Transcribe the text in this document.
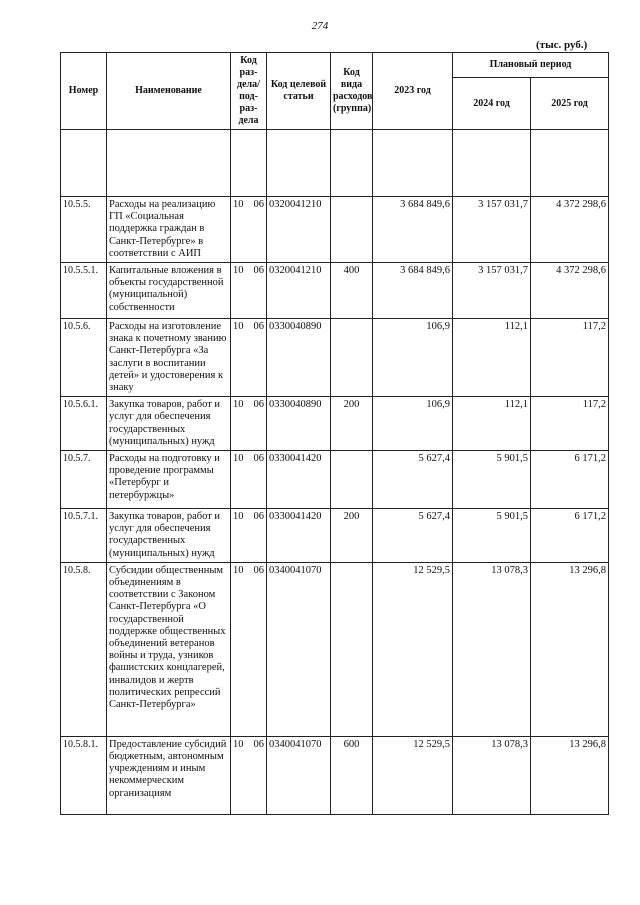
274
(тыс. руб.)
Номер	Наименование	Код раз-дела/ под-раз-дела	Код целевой статьи	Код вида расходов (группа)	2023 год	Плановый период	
						2024 год	2025 год

10.5.5.	Расходы на реализацию ГП «Социальная поддержка граждан в Санкт-Петербурге» в соответствии с АИП	10 06	0320041210		3 684 849,6	3 157 031,7	4 372 298,6
10.5.5.1.	Капитальные вложения в объекты государственной (муниципальной) собственности	10 06	0320041210	400	3 684 849,6	3 157 031,7	4 372 298,6
10.5.6.	Расходы на изготовление знака к почетному званию Санкт-Петербурга «За заслуги в воспитании детей» и удостоверения к знаку	10 06	0330040890		106,9	112,1	117,2
10.5.6.1.	Закупка товаров, работ и услуг для обеспечения государственных (муниципальных) нужд	10 06	0330040890	200	106,9	112,1	117,2
10.5.7.	Расходы на подготовку и проведение программы «Петербург и петербуржцы»	10 06	0330041420		5 627,4	5 901,5	6 171,2
10.5.7.1.	Закупка товаров, работ и услуг для обеспечения государственных (муниципальных) нужд	10 06	0330041420	200	5 627,4	5 901,5	6 171,2
10.5.8.	Субсидии общественным объединениям в соответствии с Законом Санкт-Петербурга «О государственной поддержке общественных объединений ветеранов войны и труда, узников фашистских концлагерей, инвалидов и жертв политических репрессий Санкт-Петербурга»	10 06	0340041070		12 529,5	13 078,3	13 296,8
10.5.8.1.	Предоставление субсидий бюджетным, автономным учреждениям и иным некоммерческим организациям	10 06	0340041070	600	12 529,5	13 078,3	13 296,8
